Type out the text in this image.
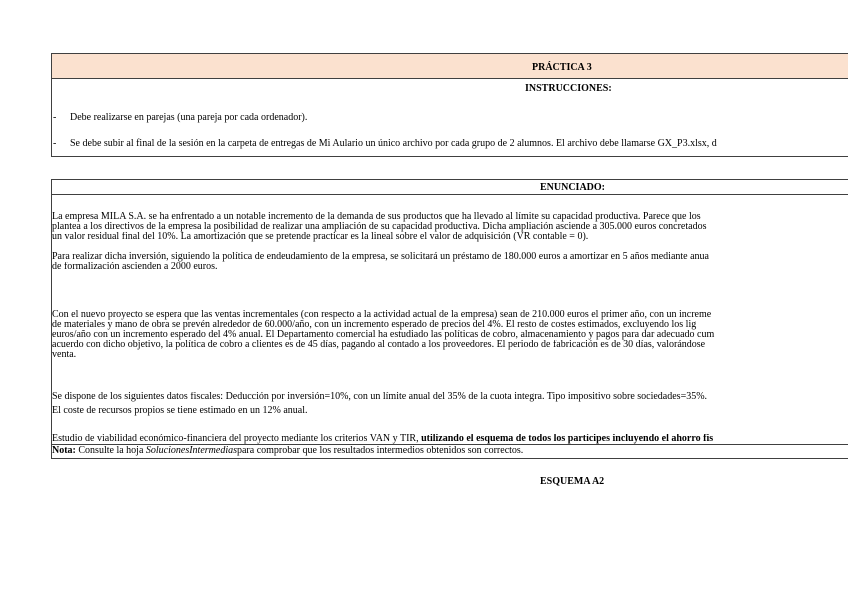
PRÁCTICA 3
INSTRUCCIONES:
- Debe realizarse en parejas (una pareja por cada ordenador).
- Se debe subir al final de la sesión en la carpeta de entregas de Mi Aulario un único archivo por cada grupo de 2 alumnos. El archivo debe llamarse GX_P3.xlsx, d
ENUNCIADO:
La empresa MILA S.A. se ha enfrentado a un notable incremento de la demanda de sus productos que ha llevado al límite su capacidad productiva. Parece que los
plantea a los directivos de la empresa la posibilidad de realizar una ampliación de su capacidad productiva. Dicha ampliación asciende a 305.000 euros concretados
un valor residual final del 10%. La amortización que se pretende practicar es la lineal sobre el valor de adquisición (VR contable = 0).
Para realizar dicha inversión, siguiendo la política de endeudamiento de la empresa, se solicitará un préstamo de 180.000 euros a amortizar en 5 años mediante anua
de formalización ascienden a 2000 euros.
Con el nuevo proyecto se espera que las ventas incrementales (con respecto a la actividad actual de la empresa) sean de 210.000 euros el primer año, con un increme
de materiales y mano de obra se prevén alrededor de 60.000/año, con un incremento esperado de precios del 4%. El resto de costes estimados, excluyendo los lig
euros/año con un incremento esperado del 4% anual. El Departamento comercial ha estudiado las políticas de cobro, almacenamiento y pagos para dar adecuado cum
acuerdo con dicho objetivo, la política de cobro a clientes es de 45 días, pagando al contado a los proveedores. El periodo de fabricación es de 30 días, valorándose
venta.
Se dispone de los siguientes datos fiscales: Deducción por inversión=10%, con un límite anual del 35% de la cuota integra. Tipo impositivo sobre sociedades=35%.
El coste de recursos propios se tiene estimado en un 12% anual.
Estudio de viabilidad económico-financiera del proyecto mediante los criterios VAN y TIR, utilizando el esquema de todos los partícipes incluyendo el ahorro fis
Nota: Consulte la hoja SolucionesIntermediaspara comprobar que los resultados intermedios obtenidos son correctos.
ESQUEMA A2
